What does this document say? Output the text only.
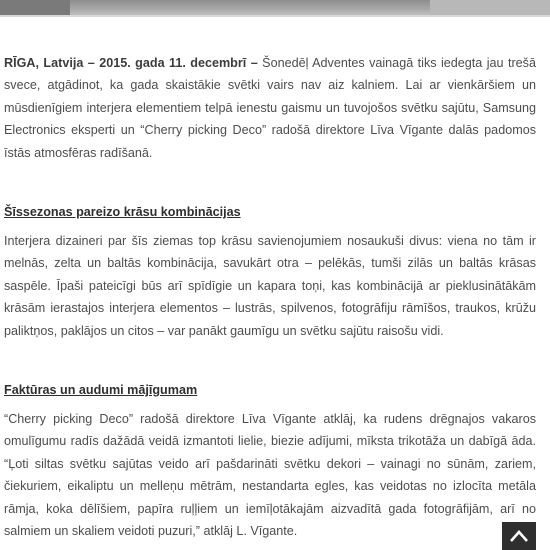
RĪGA, Latvija – 2015. gada 11. decembrī – Šonedēļ Adventes vainagā tiks iedegta jau trešā svece, atgādinot, ka gada skaistākie svētki vairs nav aiz kalniem. Lai ar vienkāršiem un mūsdienīgiem interjera elementiem telpā ienestu gaismu un tuvojošos svētku sajūtu, Samsung Electronics eksperti un “Cherry picking Deco” radošā direktore Līva Vīgante dalās padomos īstās atmosfēras radīšanā.

Šīssezonas pareizo krāsu kombinācijas

Interjera dizaineri par šīs ziemas top krāsu savienojumiem nosaukuši divus: viena no tām ir melnās, zelta un baltās kombinācija, savukārt otra – pelēkās, tumši zilās un baltās krāsas saspēle. Īpaši pateicīgi būs arī spīdīgie un kapara toņi, kas kombinācijā ar pieklusinātākām krāsām ierastajos interjera elementos – lustrās, spilvenos, fotogrāfiju rāmīšos, traukos, krūžu paliktņos, paklājos un citos – var panākt gaumīgu un svētku sajūtu raisošu vidi.

Faktūras un audumi mājīgumam

“Cherry picking Deco” radošā direktore Līva Vīgante atklāj, ka rudens drēgnajos vakaros omulīgumu radīs dažādā veidā izmantoti lielie, biezie adījumi, mīksta trikotāža un dabīgā āda. “Ļoti siltas svētku sajūtas veido arī pašdarināti svētku dekori – vainagi no sūnām, zariem, čiekuriem, eikaliptu un melleņu mētrām, nestandarta egles, kas veidotas no izlocīta metāla rāmja, koka dēlīšiem, papīra ruļļiem un iemīļotākajām aizvadītā gada fotogrāfijām, arī no salmiem un skaliem veidoti puzuri,” atklāj L. Vīgante.
